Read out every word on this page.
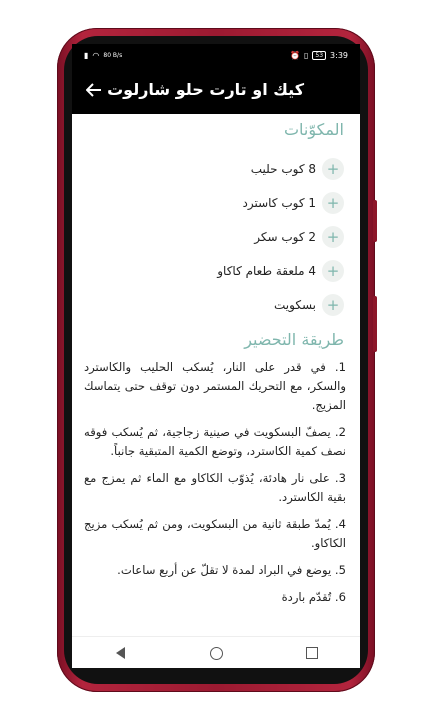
▮ ◠ 80 B/s	⏰ ▯	53 3:39
كيك او تارت حلو شارلوت
المكوّنات
+
8 كوب حليب
+
1 كوب كاسترد
+
2 كوب سكر
+
4 ملعقة طعام كاكاو
+
بسكويت
طريقة التحضير
1. في قدر على النار، يُسكب الحليب والكاسترد والسكر، مع التحريك المستمر دون توقف حتى يتماسك المزيج.
2. يصفّ البسكويت في صينية زجاجية، ثم يُسكب فوقه نصف كمية الكاسترد، وتوضع الكمية المتبقية جانباً.
3. على نار هادئة، يُذوّب الكاكاو مع الماء ثم يمزج مع بقية الكاسترد.
4. يُمدّ طبقة ثانية من البسكويت، ومن ثم يُسكب مزيج الكاكاو.
5. يوضع في البراد لمدة لا تقلّ عن أربع ساعات.
6. تُقدّم باردة
